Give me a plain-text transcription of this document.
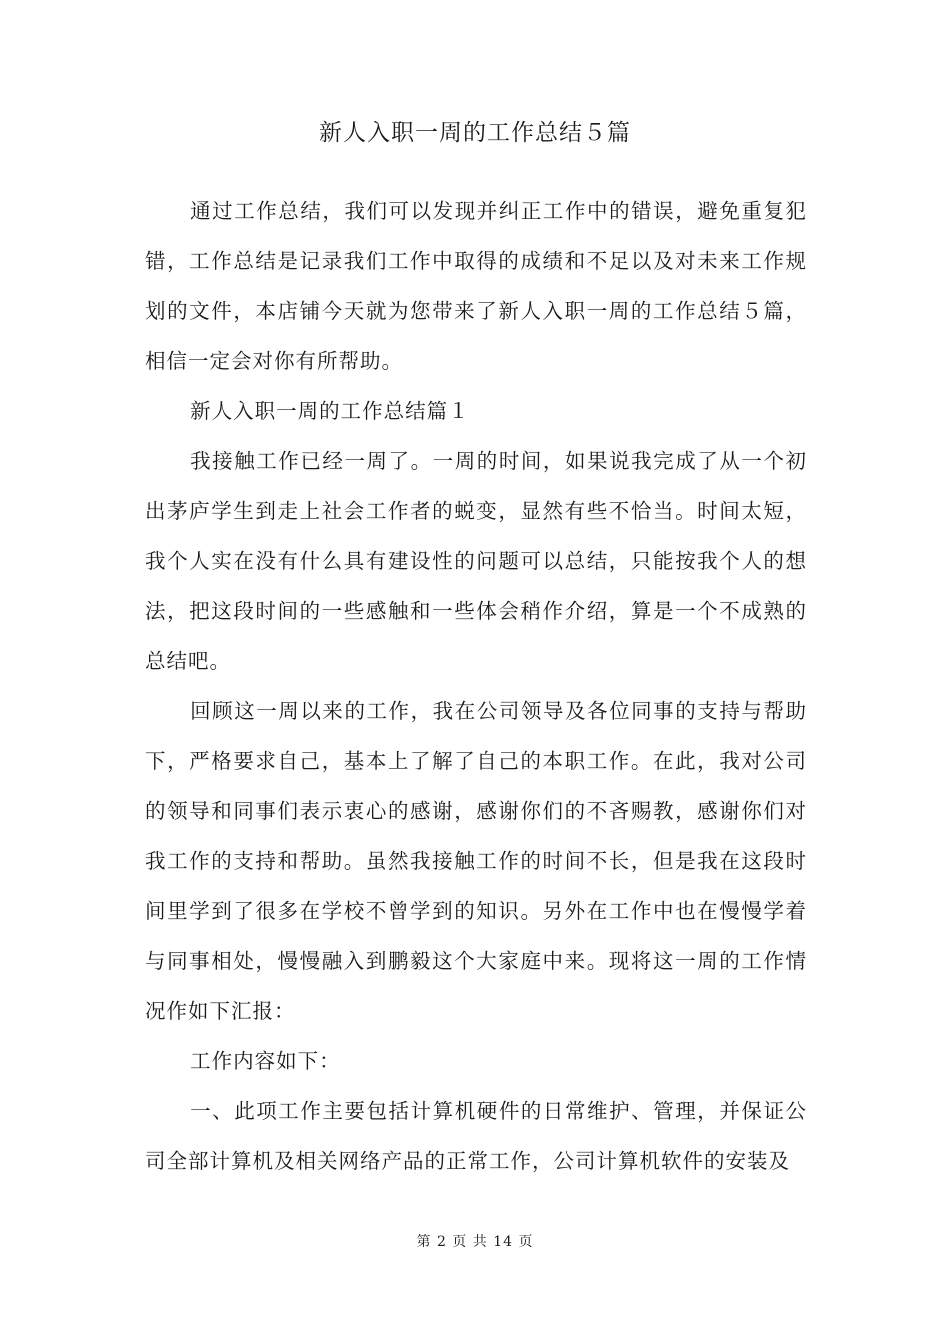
新人入职一周的工作总结５篇

通过工作总结，我们可以发现并纠正工作中的错误，避免重复犯错，工作总结是记录我们工作中取得的成绩和不足以及对未来工作规划的文件，本店铺今天就为您带来了新人入职一周的工作总结５篇，相信一定会对你有所帮助。

新人入职一周的工作总结篇１

我接触工作已经一周了。一周的时间，如果说我完成了从一个初出茅庐学生到走上社会工作者的蜕变，显然有些不恰当。时间太短，我个人实在没有什么具有建设性的问题可以总结，只能按我个人的想法，把这段时间的一些感触和一些体会稍作介绍，算是一个不成熟的总结吧。

回顾这一周以来的工作，我在公司领导及各位同事的支持与帮助下，严格要求自己，基本上了解了自己的本职工作。在此，我对公司的领导和同事们表示衷心的感谢，感谢你们的不吝赐教，感谢你们对我工作的支持和帮助。虽然我接触工作的时间不长，但是我在这段时间里学到了很多在学校不曾学到的知识。另外在工作中也在慢慢学着与同事相处，慢慢融入到鹏毅这个大家庭中来。现将这一周的工作情况作如下汇报：

工作内容如下：

一、此项工作主要包括计算机硬件的日常维护、管理，并保证公司全部计算机及相关网络产品的正常工作，公司计算机软件的安装及

第 2 页 共 14 页
